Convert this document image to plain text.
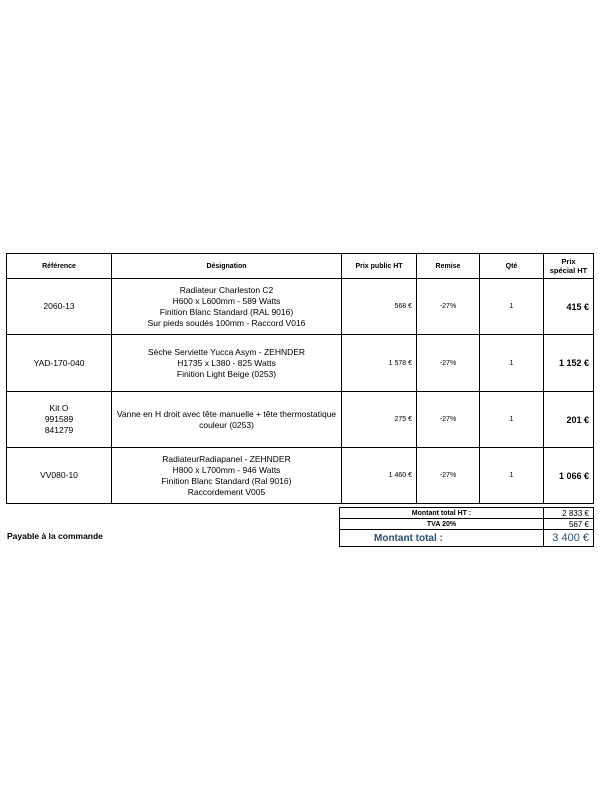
Référence	Désignation	Prix public HT	Remise	Qté	Prix spécial HT

2060-13	Radiateur Charleston C2
H600 x L600mm - 589 Watts
Finition Blanc Standard (RAL 9016)
Sur pieds soudés 100mm - Raccord V016	568 €	-27%	1	415 €

YAD-170-040	Sèche Serviette Yucca Asym - ZEHNDER
H1735 x L380 - 825 Watts
Finition Light Beige (0253)	1 578 €	-27%	1	1 152 €

Kit O
991589
841279	Vanne en H droit avec tête manuelle + tête thermostatique
couleur (0253)	275 €	-27%	1	201 €

VV080-10	RadiateurRadiapanel - ZEHNDER
H800 x L700mm - 946 Watts
Finition Blanc Standard (Ral 9016)
Raccordement V005	1 460 €	-27%	1	1 066 €
Montant total HT :	2 833 €
TVA 20%	567 €
Montant total :	3 400 €
Payable à la commande
